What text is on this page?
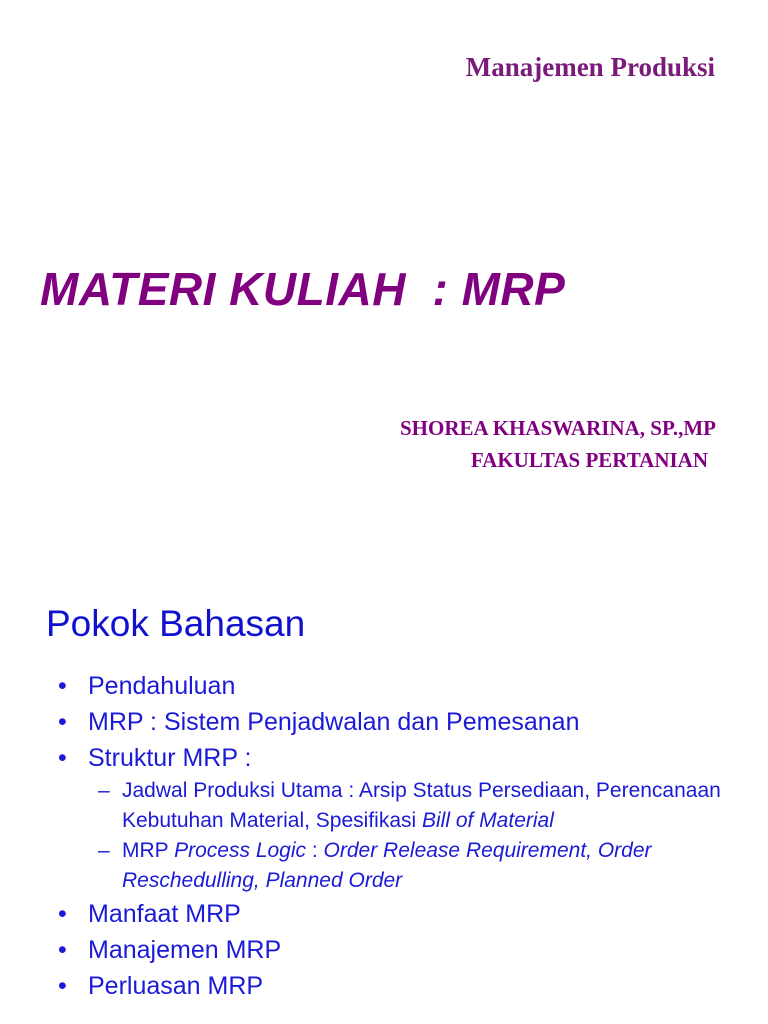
Manajemen Produksi
MATERI KULIAH  : MRP
SHOREA KHASWARINA, SP.,MP
FAKULTAS PERTANIAN
Pokok Bahasan
• Pendahuluan
• MRP : Sistem Penjadwalan dan Pemesanan
• Struktur MRP :
– Jadwal Produksi Utama : Arsip Status Persediaan, Perencanaan Kebutuhan Material, Spesifikasi Bill of Material
– MRP Process Logic : Order Release Requirement, Order Reschedulling, Planned Order
• Manfaat MRP
• Manajemen MRP
• Perluasan MRP
